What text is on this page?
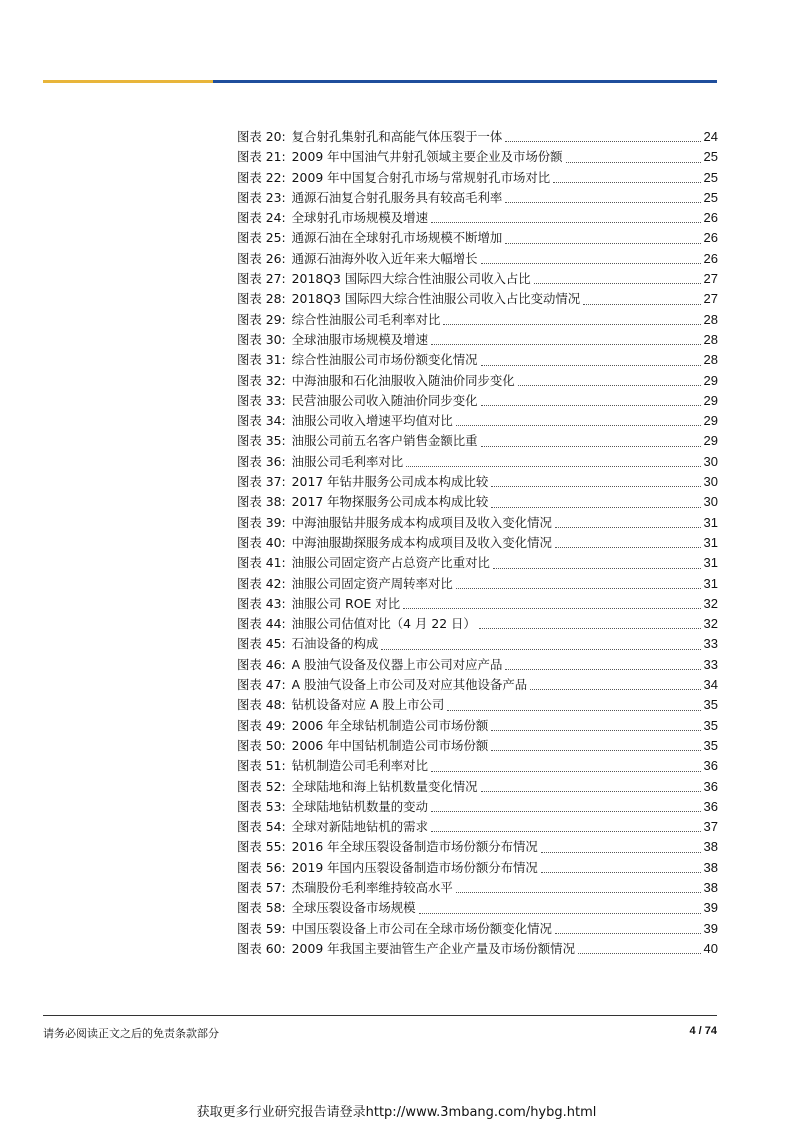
图表 20: 复合射孔集射孔和高能气体压裂于一体	24
图表 21: 2009 年中国油气井射孔领域主要企业及市场份额	25
图表 22: 2009 年中国复合射孔市场与常规射孔市场对比	25
图表 23: 通源石油复合射孔服务具有较高毛利率	25
图表 24: 全球射孔市场规模及增速	26
图表 25: 通源石油在全球射孔市场规模不断增加	26
图表 26: 通源石油海外收入近年来大幅增长	26
图表 27: 2018Q3 国际四大综合性油服公司收入占比	27
图表 28: 2018Q3 国际四大综合性油服公司收入占比变动情况	27
图表 29: 综合性油服公司毛利率对比	28
图表 30: 全球油服市场规模及增速	28
图表 31: 综合性油服公司市场份额变化情况	28
图表 32: 中海油服和石化油服收入随油价同步变化	29
图表 33: 民营油服公司收入随油价同步变化	29
图表 34: 油服公司收入增速平均值对比	29
图表 35: 油服公司前五名客户销售金额比重	29
图表 36: 油服公司毛利率对比	30
图表 37: 2017 年钻井服务公司成本构成比较	30
图表 38: 2017 年物探服务公司成本构成比较	30
图表 39: 中海油服钻井服务成本构成项目及收入变化情况	31
图表 40: 中海油服勘探服务成本构成项目及收入变化情况	31
图表 41: 油服公司固定资产占总资产比重对比	31
图表 42: 油服公司固定资产周转率对比	31
图表 43: 油服公司 ROE 对比	32
图表 44: 油服公司估值对比（4 月 22 日）	32
图表 45: 石油设备的构成	33
图表 46: A 股油气设备及仪器上市公司对应产品	33
图表 47: A 股油气设备上市公司及对应其他设备产品	34
图表 48: 钻机设备对应 A 股上市公司	35
图表 49: 2006 年全球钻机制造公司市场份额	35
图表 50: 2006 年中国钻机制造公司市场份额	35
图表 51: 钻机制造公司毛利率对比	36
图表 52: 全球陆地和海上钻机数量变化情况	36
图表 53: 全球陆地钻机数量的变动	36
图表 54: 全球对新陆地钻机的需求	37
图表 55: 2016 年全球压裂设备制造市场份额分布情况	38
图表 56: 2019 年国内压裂设备制造市场份额分布情况	38
图表 57: 杰瑞股份毛利率维持较高水平	38
图表 58: 全球压裂设备市场规模	39
图表 59: 中国压裂设备上市公司在全球市场份额变化情况	39
图表 60: 2009 年我国主要油管生产企业产量及市场份额情况	40
请务必阅读正文之后的免责条款部分	4 / 74
获取更多行业研究报告请登录http://www.3mbang.com/hybg.html
